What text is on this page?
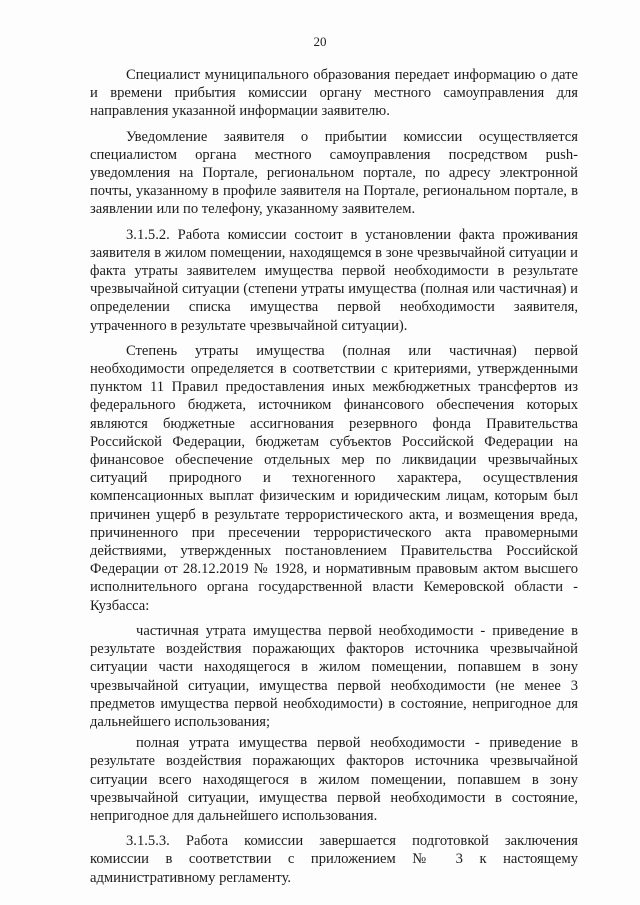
20

Специалист муниципального образования передает информацию о дате и времени прибытия комиссии органу местного самоуправления для направления указанной информации заявителю.

Уведомление заявителя о прибытии комиссии осуществляется специалистом органа местного самоуправления посредством push-уведомления на Портале, региональном портале, по адресу электронной почты, указанному в профиле заявителя на Портале, региональном портале, в заявлении или по телефону, указанному заявителем.

3.1.5.2. Работа комиссии состоит в установлении факта проживания заявителя в жилом помещении, находящемся в зоне чрезвычайной ситуации и факта утраты заявителем имущества первой необходимости в результате чрезвычайной ситуации (степени утраты имущества (полная или частичная) и определении списка имущества первой необходимости заявителя, утраченного в результате чрезвычайной ситуации).

Степень утраты имущества (полная или частичная) первой необходимости определяется в соответствии с критериями, утвержденными пунктом 11 Правил предоставления иных межбюджетных трансфертов из федерального бюджета, источником финансового обеспечения которых являются бюджетные ассигнования резервного фонда Правительства Российской Федерации, бюджетам субъектов Российской Федерации на финансовое обеспечение отдельных мер по ликвидации чрезвычайных ситуаций природного и техногенного характера, осуществления компенсационных выплат физическим и юридическим лицам, которым был причинен ущерб в результате террористического акта, и возмещения вреда, причиненного при пресечении террористического акта правомерными действиями, утвержденных постановлением Правительства Российской Федерации от 28.12.2019 № 1928, и нормативным правовым актом высшего исполнительного органа государственной власти Кемеровской области - Кузбасса:

частичная утрата имущества первой необходимости - приведение в результате воздействия поражающих факторов источника чрезвычайной ситуации части находящегося в жилом помещении, попавшем в зону чрезвычайной ситуации, имущества первой необходимости (не менее 3 предметов имущества первой необходимости) в состояние, непригодное для дальнейшего использования;

полная утрата имущества первой необходимости - приведение в результате воздействия поражающих факторов источника чрезвычайной ситуации всего находящегося в жилом помещении, попавшем в зону чрезвычайной ситуации, имущества первой необходимости в состояние, непригодное для дальнейшего использования.

3.1.5.3. Работа комиссии завершается подготовкой заключения комиссии в соответствии с приложением № 3 к настоящему административному регламенту.
